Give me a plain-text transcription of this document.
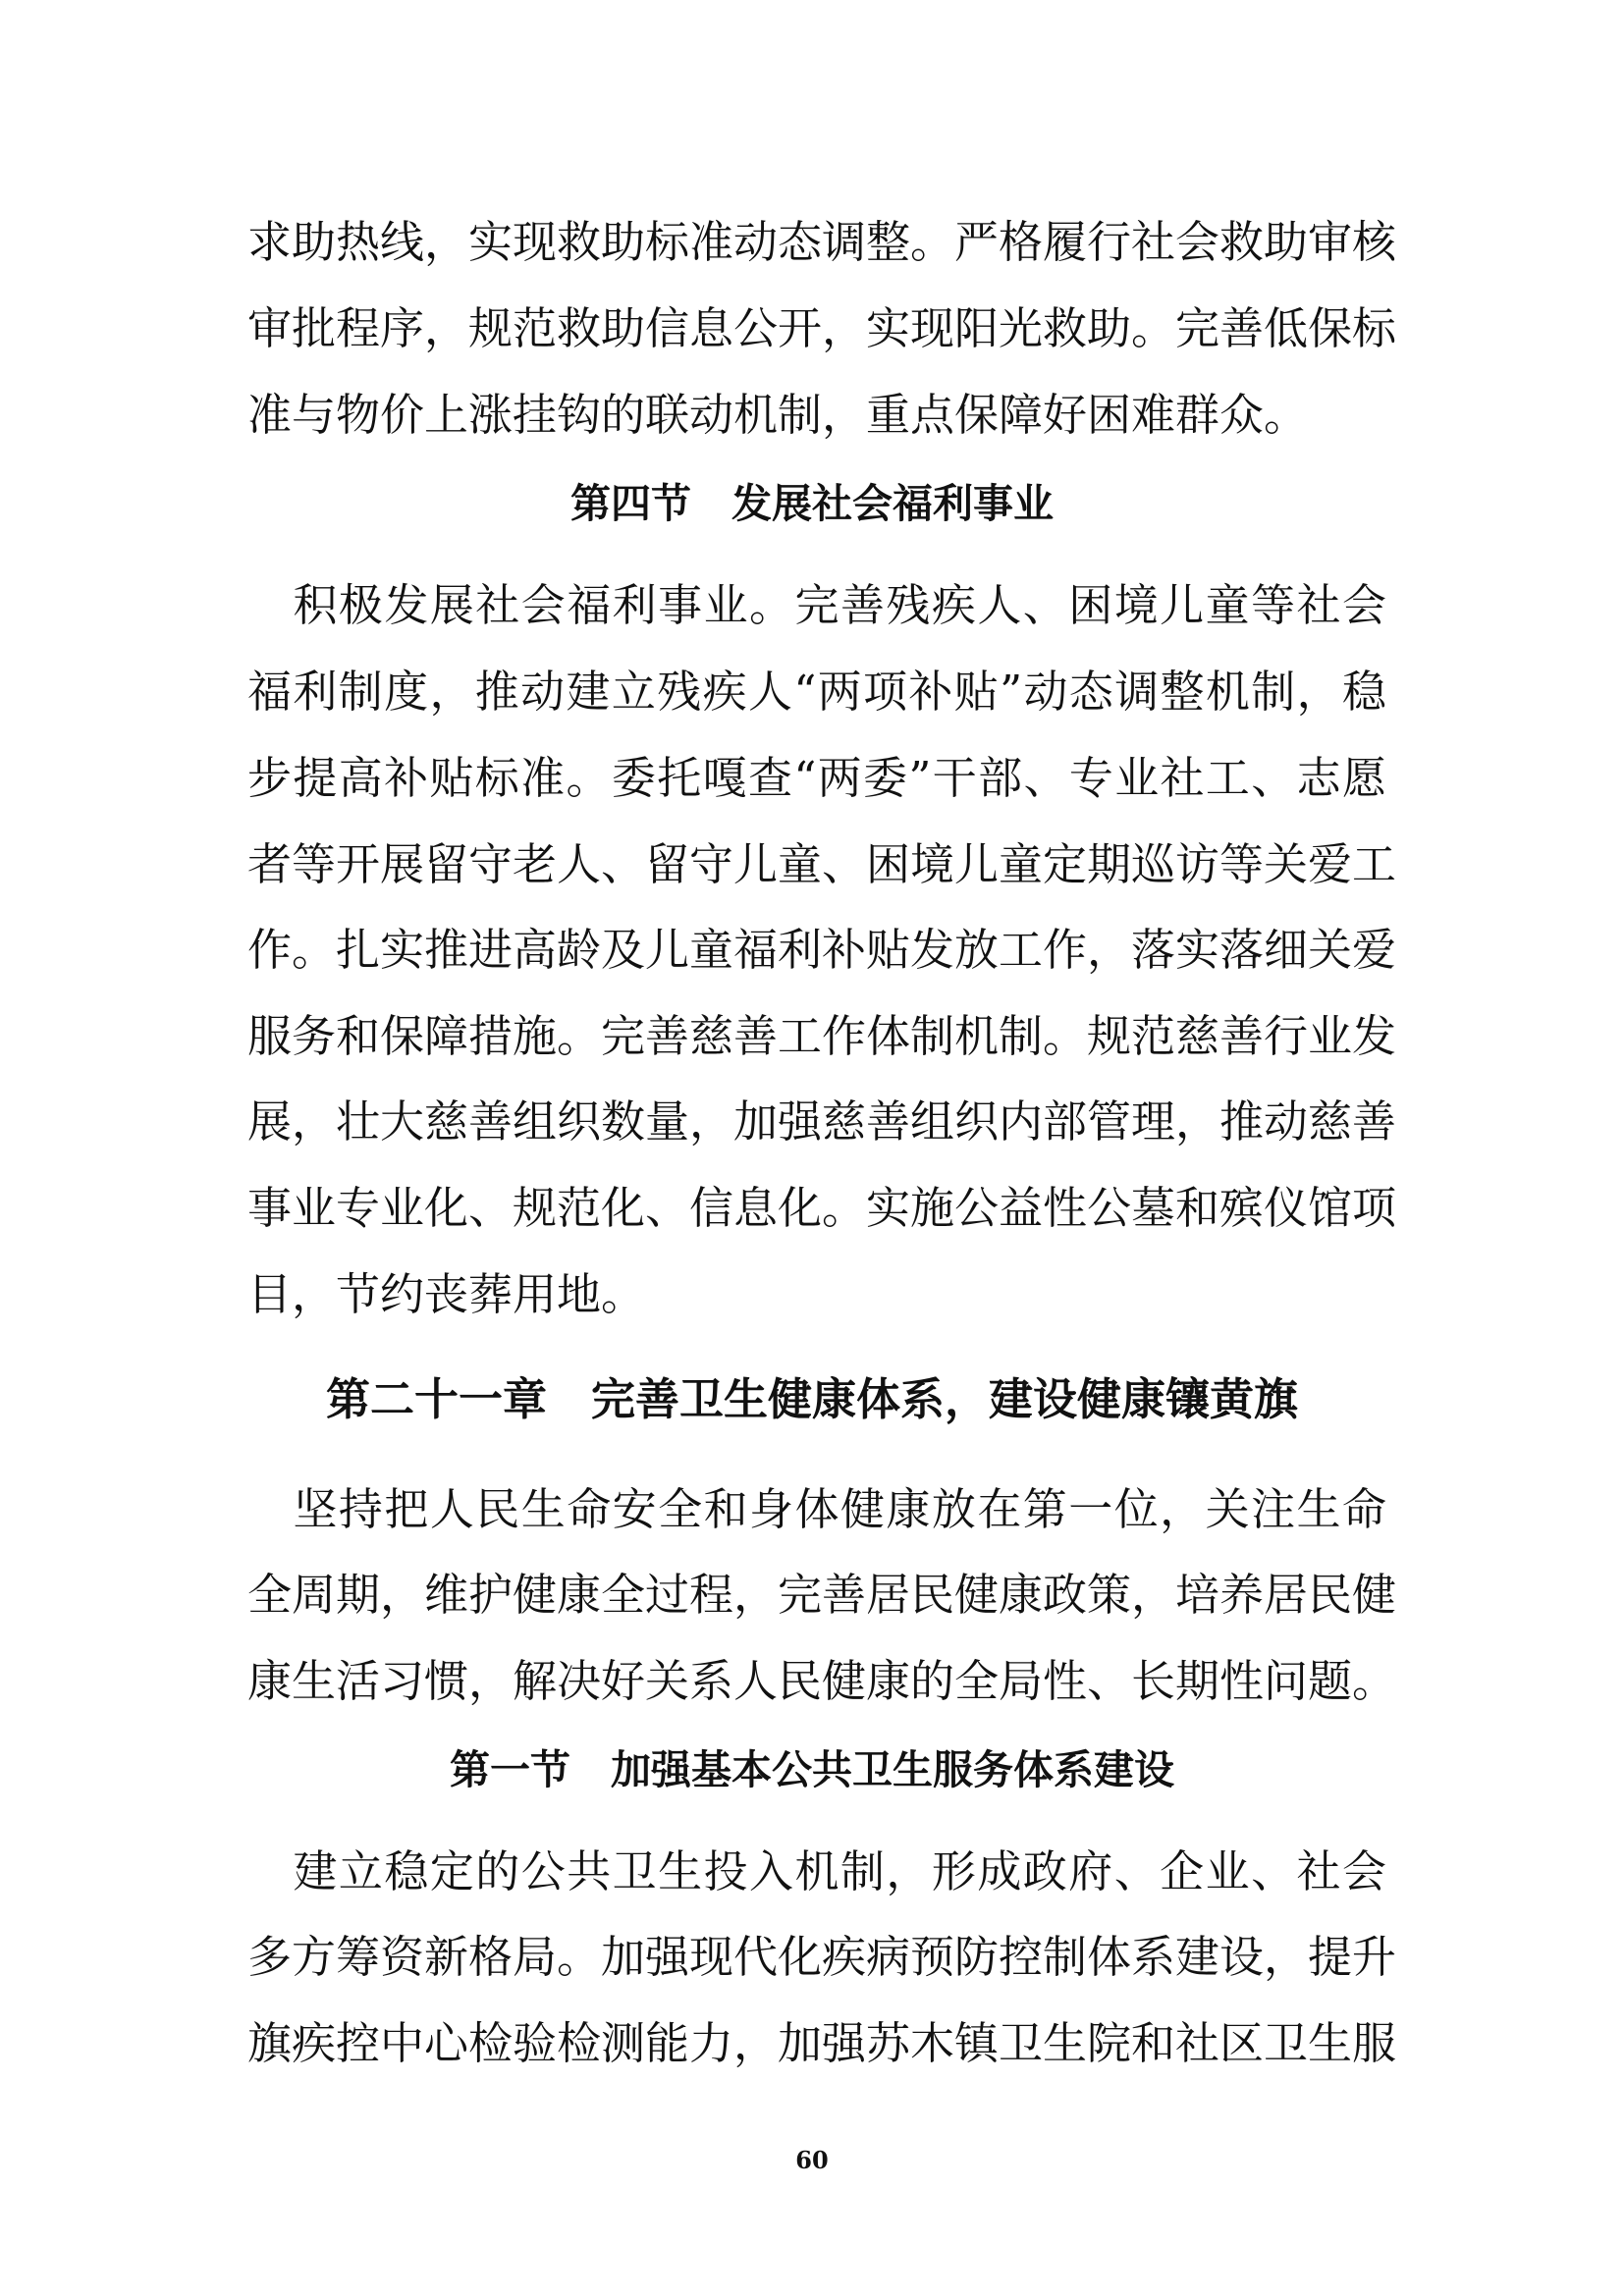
求助热线，实现救助标准动态调整。严格履行社会救助审核
审批程序，规范救助信息公开，实现阳光救助。完善低保标
准与物价上涨挂钩的联动机制，重点保障好困难群众。
第四节　发展社会福利事业
　积极发展社会福利事业。完善残疾人、困境儿童等社会
福利制度，推动建立残疾人“两项补贴”动态调整机制，稳
步提高补贴标准。委托嘎查“两委”干部、专业社工、志愿
者等开展留守老人、留守儿童、困境儿童定期巡访等关爱工
作。扎实推进高龄及儿童福利补贴发放工作，落实落细关爱
服务和保障措施。完善慈善工作体制机制。规范慈善行业发
展，壮大慈善组织数量，加强慈善组织内部管理，推动慈善
事业专业化、规范化、信息化。实施公益性公墓和殡仪馆项
目，节约丧葬用地。
第二十一章　完善卫生健康体系，建设健康镶黄旗
　坚持把人民生命安全和身体健康放在第一位，关注生命
全周期，维护健康全过程，完善居民健康政策，培养居民健
康生活习惯，解决好关系人民健康的全局性、长期性问题。
第一节　加强基本公共卫生服务体系建设
　建立稳定的公共卫生投入机制，形成政府、企业、社会
多方筹资新格局。加强现代化疾病预防控制体系建设，提升
旗疾控中心检验检测能力，加强苏木镇卫生院和社区卫生服
60
